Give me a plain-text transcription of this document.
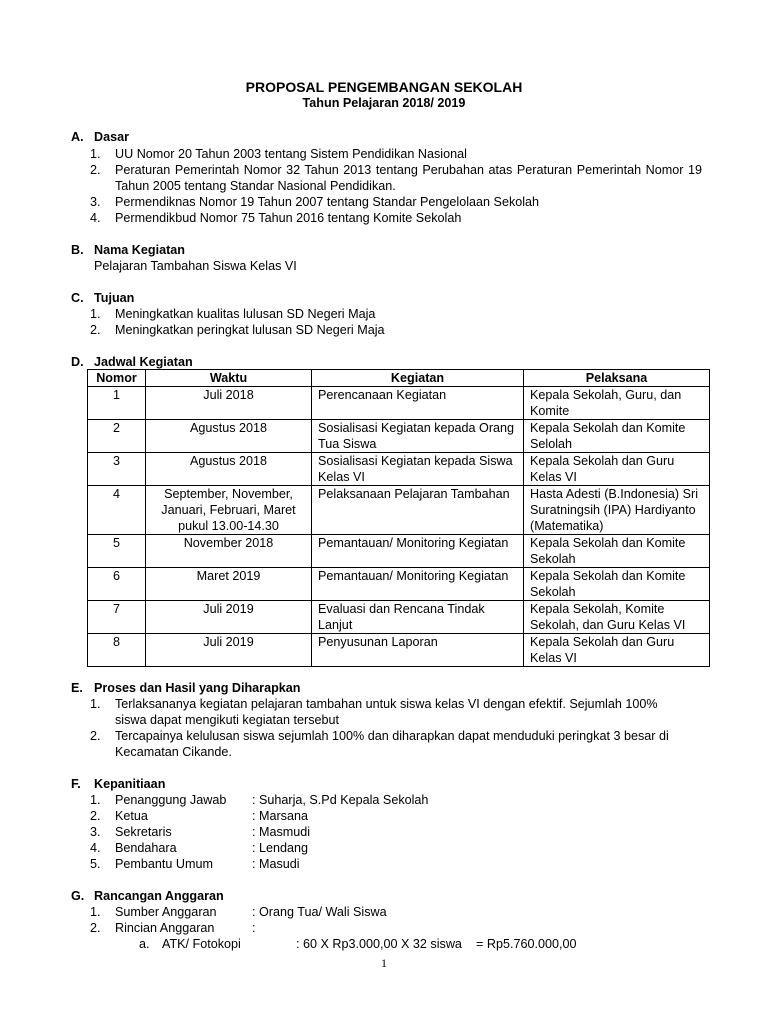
PROPOSAL PENGEMBANGAN SEKOLAH
Tahun Pelajaran 2018/ 2019
A. Dasar
1. UU Nomor 20 Tahun 2003 tentang Sistem Pendidikan Nasional
2. Peraturan Pemerintah Nomor 32 Tahun 2013 tentang Perubahan atas Peraturan Pemerintah Nomor 19 Tahun 2005 tentang Standar Nasional Pendidikan.
3. Permendiknas Nomor 19 Tahun 2007 tentang Standar Pengelolaan Sekolah
4. Permendikbud Nomor 75 Tahun 2016 tentang Komite Sekolah
B. Nama Kegiatan
Pelajaran Tambahan Siswa Kelas VI
C. Tujuan
1. Meningkatkan kualitas lulusan SD Negeri Maja
2. Meningkatkan peringkat lulusan SD Negeri Maja
D. Jadwal Kegiatan
Nomor	Waktu	Kegiatan	Pelaksana
1	Juli 2018	Perencanaan Kegiatan	Kepala Sekolah, Guru, dan Komite
2	Agustus 2018	Sosialisasi Kegiatan kepada Orang Tua Siswa	Kepala Sekolah dan Komite Selolah
3	Agustus 2018	Sosialisasi Kegiatan kepada Siswa Kelas VI	Kepala Sekolah dan Guru Kelas VI
4	September, November, Januari, Februari, Maret pukul 13.00-14.30	Pelaksanaan Pelajaran Tambahan	Hasta Adesti (B.Indonesia) Sri Suratningsih (IPA) Hardiyanto (Matematika)
5	November 2018	Pemantauan/ Monitoring Kegiatan	Kepala Sekolah dan Komite Sekolah
6	Maret 2019	Pemantauan/ Monitoring Kegiatan	Kepala Sekolah dan Komite Sekolah
7	Juli 2019	Evaluasi dan Rencana Tindak Lanjut	Kepala Sekolah, Komite Sekolah, dan Guru Kelas VI
8	Juli 2019	Penyusunan Laporan	Kepala Sekolah dan Guru Kelas VI
E. Proses dan Hasil yang Diharapkan
1. Terlaksananya kegiatan pelajaran tambahan untuk siswa kelas VI dengan efektif. Sejumlah 100% siswa dapat mengikuti kegiatan tersebut
2. Tercapainya kelulusan siswa sejumlah 100% dan diharapkan dapat menduduki peringkat 3 besar di Kecamatan Cikande.
F. Kepanitiaan
1. Penanggung Jawab : Suharja, S.Pd Kepala Sekolah
2. Ketua	: Marsana
3. Sekretaris	: Masmudi
4. Bendahara	: Lendang
5. Pembantu Umum	: Masudi
G. Rancangan Anggaran
1. Sumber Anggaran	: Orang Tua/ Wali Siswa
2. Rincian Anggaran	:
a. ATK/ Fotokopi	: 60 X Rp3.000,00 X 32 siswa = Rp5.760.000,00
1
